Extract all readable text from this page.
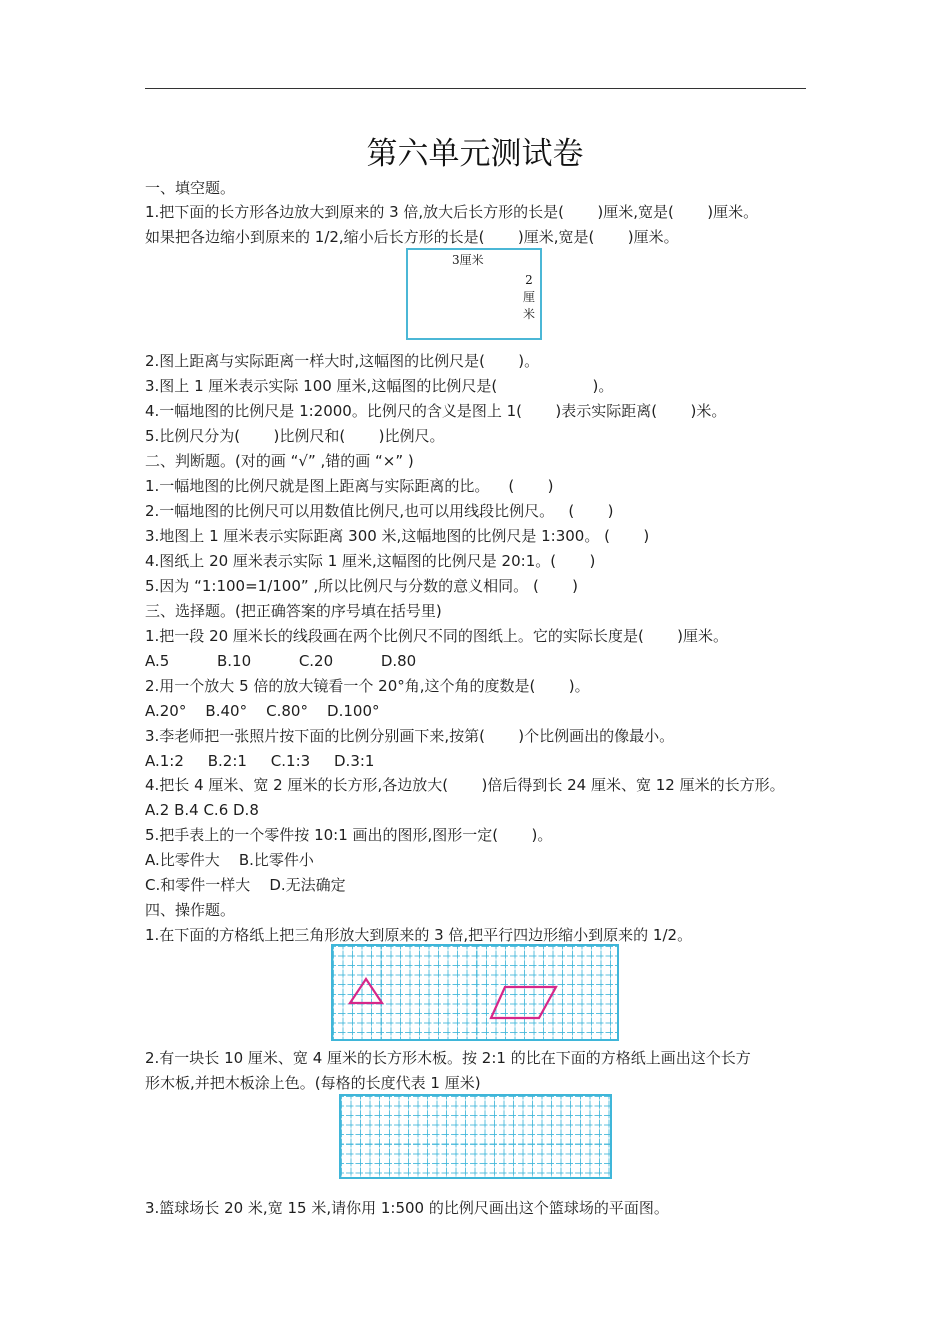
第六单元测试卷
一、填空题。
1.把下面的长方形各边放大到原来的 3 倍,放大后长方形的长是(       )厘米,宽是(       )厘米。
如果把各边缩小到原来的 1/2,缩小后长方形的长是(       )厘米,宽是(       )厘米。
3厘米
2
厘
米
2.图上距离与实际距离一样大时,这幅图的比例尺是(       )。
3.图上 1 厘米表示实际 100 厘米,这幅图的比例尺是(                    )。
4.一幅地图的比例尺是 1:2000。比例尺的含义是图上 1(       )表示实际距离(       )米。
5.比例尺分为(       )比例尺和(       )比例尺。
二、判断题。(对的画 “√” ,错的画 “×” )
1.一幅地图的比例尺就是图上距离与实际距离的比。    (       )
2.一幅地图的比例尺可以用数值比例尺,也可以用线段比例尺。   (       )
3.地图上 1 厘米表示实际距离 300 米,这幅地图的比例尺是 1:300。 (       )
4.图纸上 20 厘米表示实际 1 厘米,这幅图的比例尺是 20:1。(       )
5.因为 “1:100=1/100” ,所以比例尺与分数的意义相同。 (       )
三、选择题。(把正确答案的序号填在括号里)
1.把一段 20 厘米长的线段画在两个比例尺不同的图纸上。它的实际长度是(       )厘米。
A.5          B.10          C.20          D.80
2.用一个放大 5 倍的放大镜看一个 20°角,这个角的度数是(       )。
A.20°    B.40°    C.80°    D.100°
3.李老师把一张照片按下面的比例分别画下来,按第(       )个比例画出的像最小。
A.1:2     B.2:1     C.1:3     D.3:1
4.把长 4 厘米、宽 2 厘米的长方形,各边放大(       )倍后得到长 24 厘米、宽 12 厘米的长方形。
A.2 B.4 C.6 D.8
5.把手表上的一个零件按 10:1 画出的图形,图形一定(       )。
A.比零件大    B.比零件小
C.和零件一样大    D.无法确定
四、操作题。
1.在下面的方格纸上把三角形放大到原来的 3 倍,把平行四边形缩小到原来的 1/2。
2.有一块长 10 厘米、宽 4 厘米的长方形木板。按 2:1 的比在下面的方格纸上画出这个长方
形木板,并把木板涂上色。(每格的长度代表 1 厘米)
3.篮球场长 20 米,宽 15 米,请你用 1:500 的比例尺画出这个篮球场的平面图。
